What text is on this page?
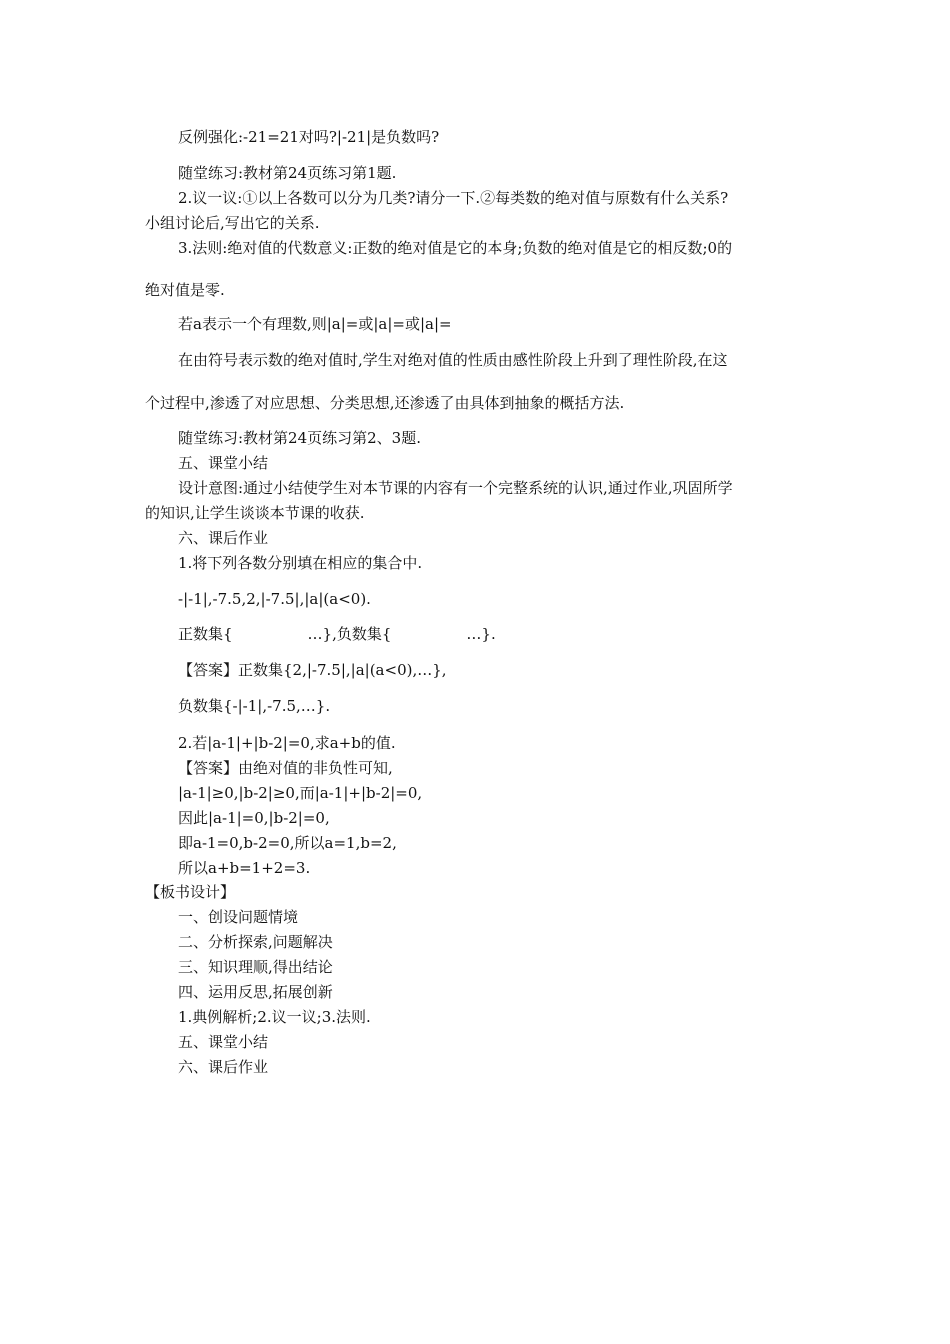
反例强化:-21=21对吗?|-21|是负数吗?
随堂练习:教材第24页练习第1题.
2.议一议:①以上各数可以分为几类?请分一下.②每类数的绝对值与原数有什么关系?
小组讨论后,写出它的关系.
3.法则:绝对值的代数意义:正数的绝对值是它的本身;负数的绝对值是它的相反数;0的
绝对值是零.
若a表示一个有理数,则|a|=或|a|=或|a|=
在由符号表示数的绝对值时,学生对绝对值的性质由感性阶段上升到了理性阶段,在这
个过程中,渗透了对应思想、分类思想,还渗透了由具体到抽象的概括方法.
随堂练习:教材第24页练习第2、3题.
五、课堂小结
设计意图:通过小结使学生对本节课的内容有一个完整系统的认识,通过作业,巩固所学
的知识,让学生谈谈本节课的收获.
六、课后作业
1.将下列各数分别填在相应的集合中.
-|-1|,-7.5,2,|-7.5|,|a|(a<0).
正数集{　　　　　…},负数集{　　　　　…}.
【答案】正数集{2,|-7.5|,|a|(a<0),…},
负数集{-|-1|,-7.5,…}.
2.若|a-1|+|b-2|=0,求a+b的值.
【答案】由绝对值的非负性可知,
|a-1|≥0,|b-2|≥0,而|a-1|+|b-2|=0,
因此|a-1|=0,|b-2|=0,
即a-1=0,b-2=0,所以a=1,b=2,
所以a+b=1+2=3.
【板书设计】
一、创设问题情境
二、分析探索,问题解决
三、知识理顺,得出结论
四、运用反思,拓展创新
1.典例解析;2.议一议;3.法则.
五、课堂小结
六、课后作业
